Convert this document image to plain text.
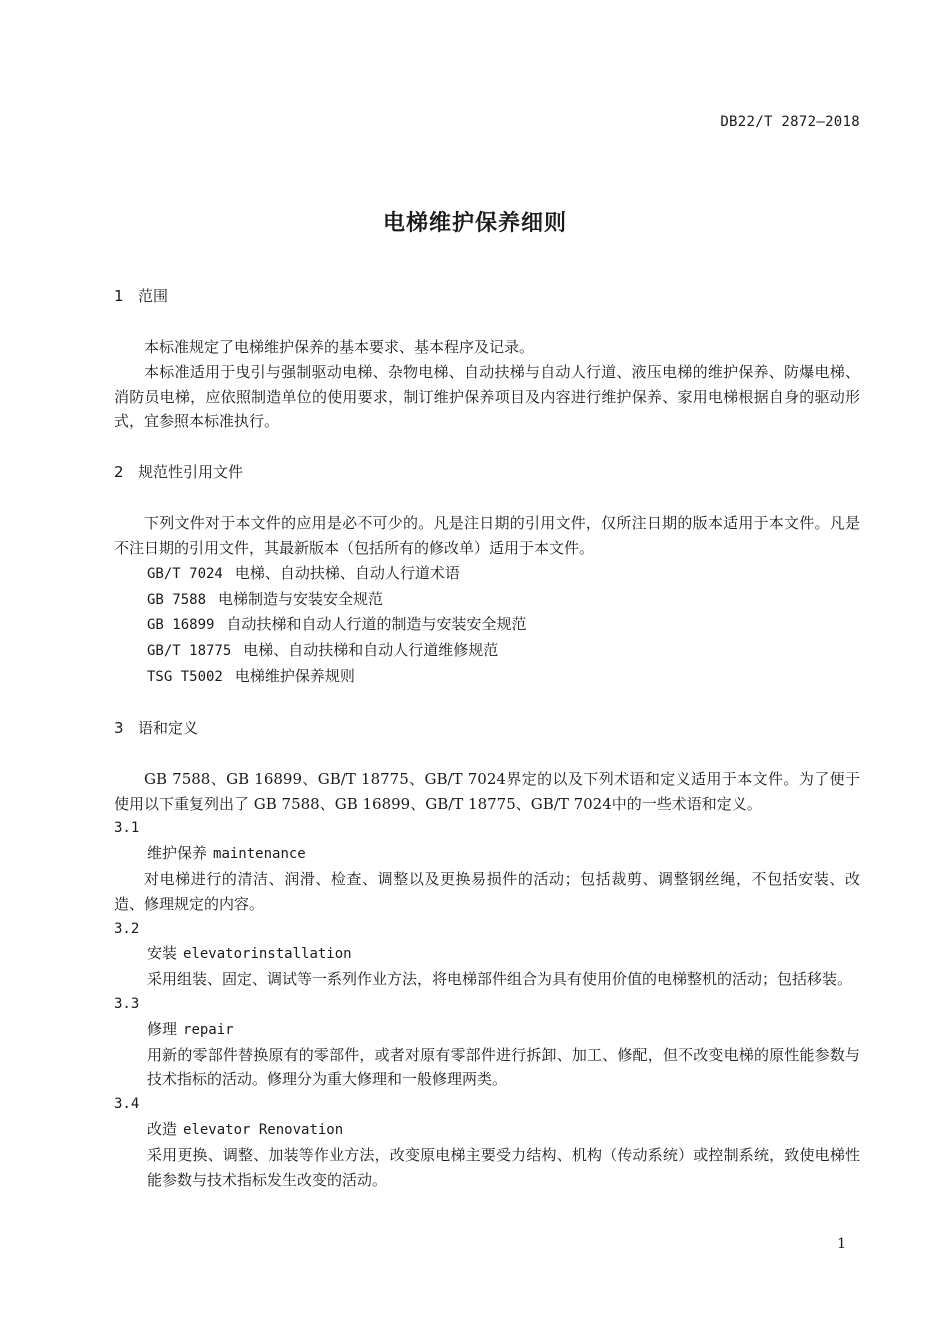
DB22/T 2872—2018
电梯维护保养细则
1 范围

本标准规定了电梯维护保养的基本要求、基本程序及记录。

本标准适用于曳引与强制驱动电梯、杂物电梯、自动扶梯与自动人行道、液压电梯的维护保养、防爆电梯、消防员电梯，应依照制造单位的使用要求，制订维护保养项目及内容进行维护保养、家用电梯根据自身的驱动形式，宜参照本标准执行。

2 规范性引用文件

下列文件对于本文件的应用是必不可少的。凡是注日期的引用文件，仅所注日期的版本适用于本文件。凡是不注日期的引用文件，其最新版本（包括所有的修改单）适用于本文件。

GB/T 7024 电梯、自动扶梯、自动人行道术语
GB 7588 电梯制造与安装安全规范
GB 16899 自动扶梯和自动人行道的制造与安装安全规范
GB/T 18775 电梯、自动扶梯和自动人行道维修规范
TSG T5002 电梯维护保养规则
3 语和定义

GB 7588、GB 16899、GB/T 18775、GB/T 7024界定的以及下列术语和定义适用于本文件。为了便于使用以下重复列出了 GB 7588、GB 16899、GB/T 18775、GB/T 7024中的一些术语和定义。

3.1

维护保养 maintenance

对电梯进行的清洁、润滑、检查、调整以及更换易损件的活动；包括裁剪、调整钢丝绳，不包括安装、改造、修理规定的内容。

3.2

安装 elevatorinstallation

采用组装、固定、调试等一系列作业方法，将电梯部件组合为具有使用价值的电梯整机的活动；包括移装。

3.3

修理 repair

用新的零部件替换原有的零部件，或者对原有零部件进行拆卸、加工、修配，但不改变电梯的原性能参数与技术指标的活动。修理分为重大修理和一般修理两类。

3.4

改造 elevator Renovation

采用更换、调整、加装等作业方法，改变原电梯主要受力结构、机构（传动系统）或控制系统，致使电梯性能参数与技术指标发生改变的活动。

1
